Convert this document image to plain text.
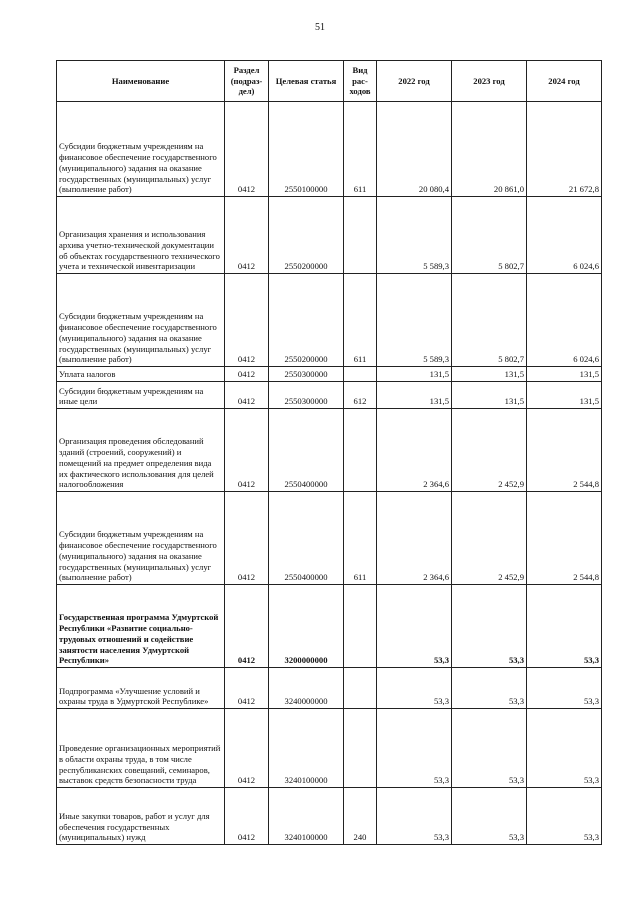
51
Наименование	Раздел (подраз-дел)	Целевая статья	Вид рас-ходов	2022 год	2023 год	2024 год
Субсидии бюджетным учреждениям на финансовое обеспечение государственного (муниципального) задания на оказание государственных (муниципальных) услуг (выполнение работ)	0412	2550100000	611	20 080,4	20 861,0	21 672,8
Организация хранения и использования архива учетно-технической документации об объектах государственного технического учета и технической инвентаризации	0412	2550200000		5 589,3	5 802,7	6 024,6
Субсидии бюджетным учреждениям на финансовое обеспечение государственного (муниципального) задания на оказание государственных (муниципальных) услуг (выполнение работ)	0412	2550200000	611	5 589,3	5 802,7	6 024,6
Уплата налогов	0412	2550300000		131,5	131,5	131,5
Субсидии бюджетным учреждениям на иные цели	0412	2550300000	612	131,5	131,5	131,5
Организация проведения обследований зданий (строений, сооружений) и помещений на предмет определения вида их фактического использования для целей налогообложения	0412	2550400000		2 364,6	2 452,9	2 544,8
Субсидии бюджетным учреждениям на финансовое обеспечение государственного (муниципального) задания на оказание государственных (муниципальных) услуг (выполнение работ)	0412	2550400000	611	2 364,6	2 452,9	2 544,8
Государственная программа Удмуртской Республики «Развитие социально-трудовых отношений и содействие занятости населения Удмуртской Республики»	0412	3200000000		53,3	53,3	53,3
Подпрограмма «Улучшение условий и охраны труда в Удмуртской Республике»	0412	3240000000		53,3	53,3	53,3
Проведение организационных мероприятий в области охраны труда, в том числе республиканских совещаний, семинаров, выставок средств безопасности труда	0412	3240100000		53,3	53,3	53,3
Иные закупки товаров, работ и услуг для обеспечения государственных (муниципальных) нужд	0412	3240100000	240	53,3	53,3	53,3
